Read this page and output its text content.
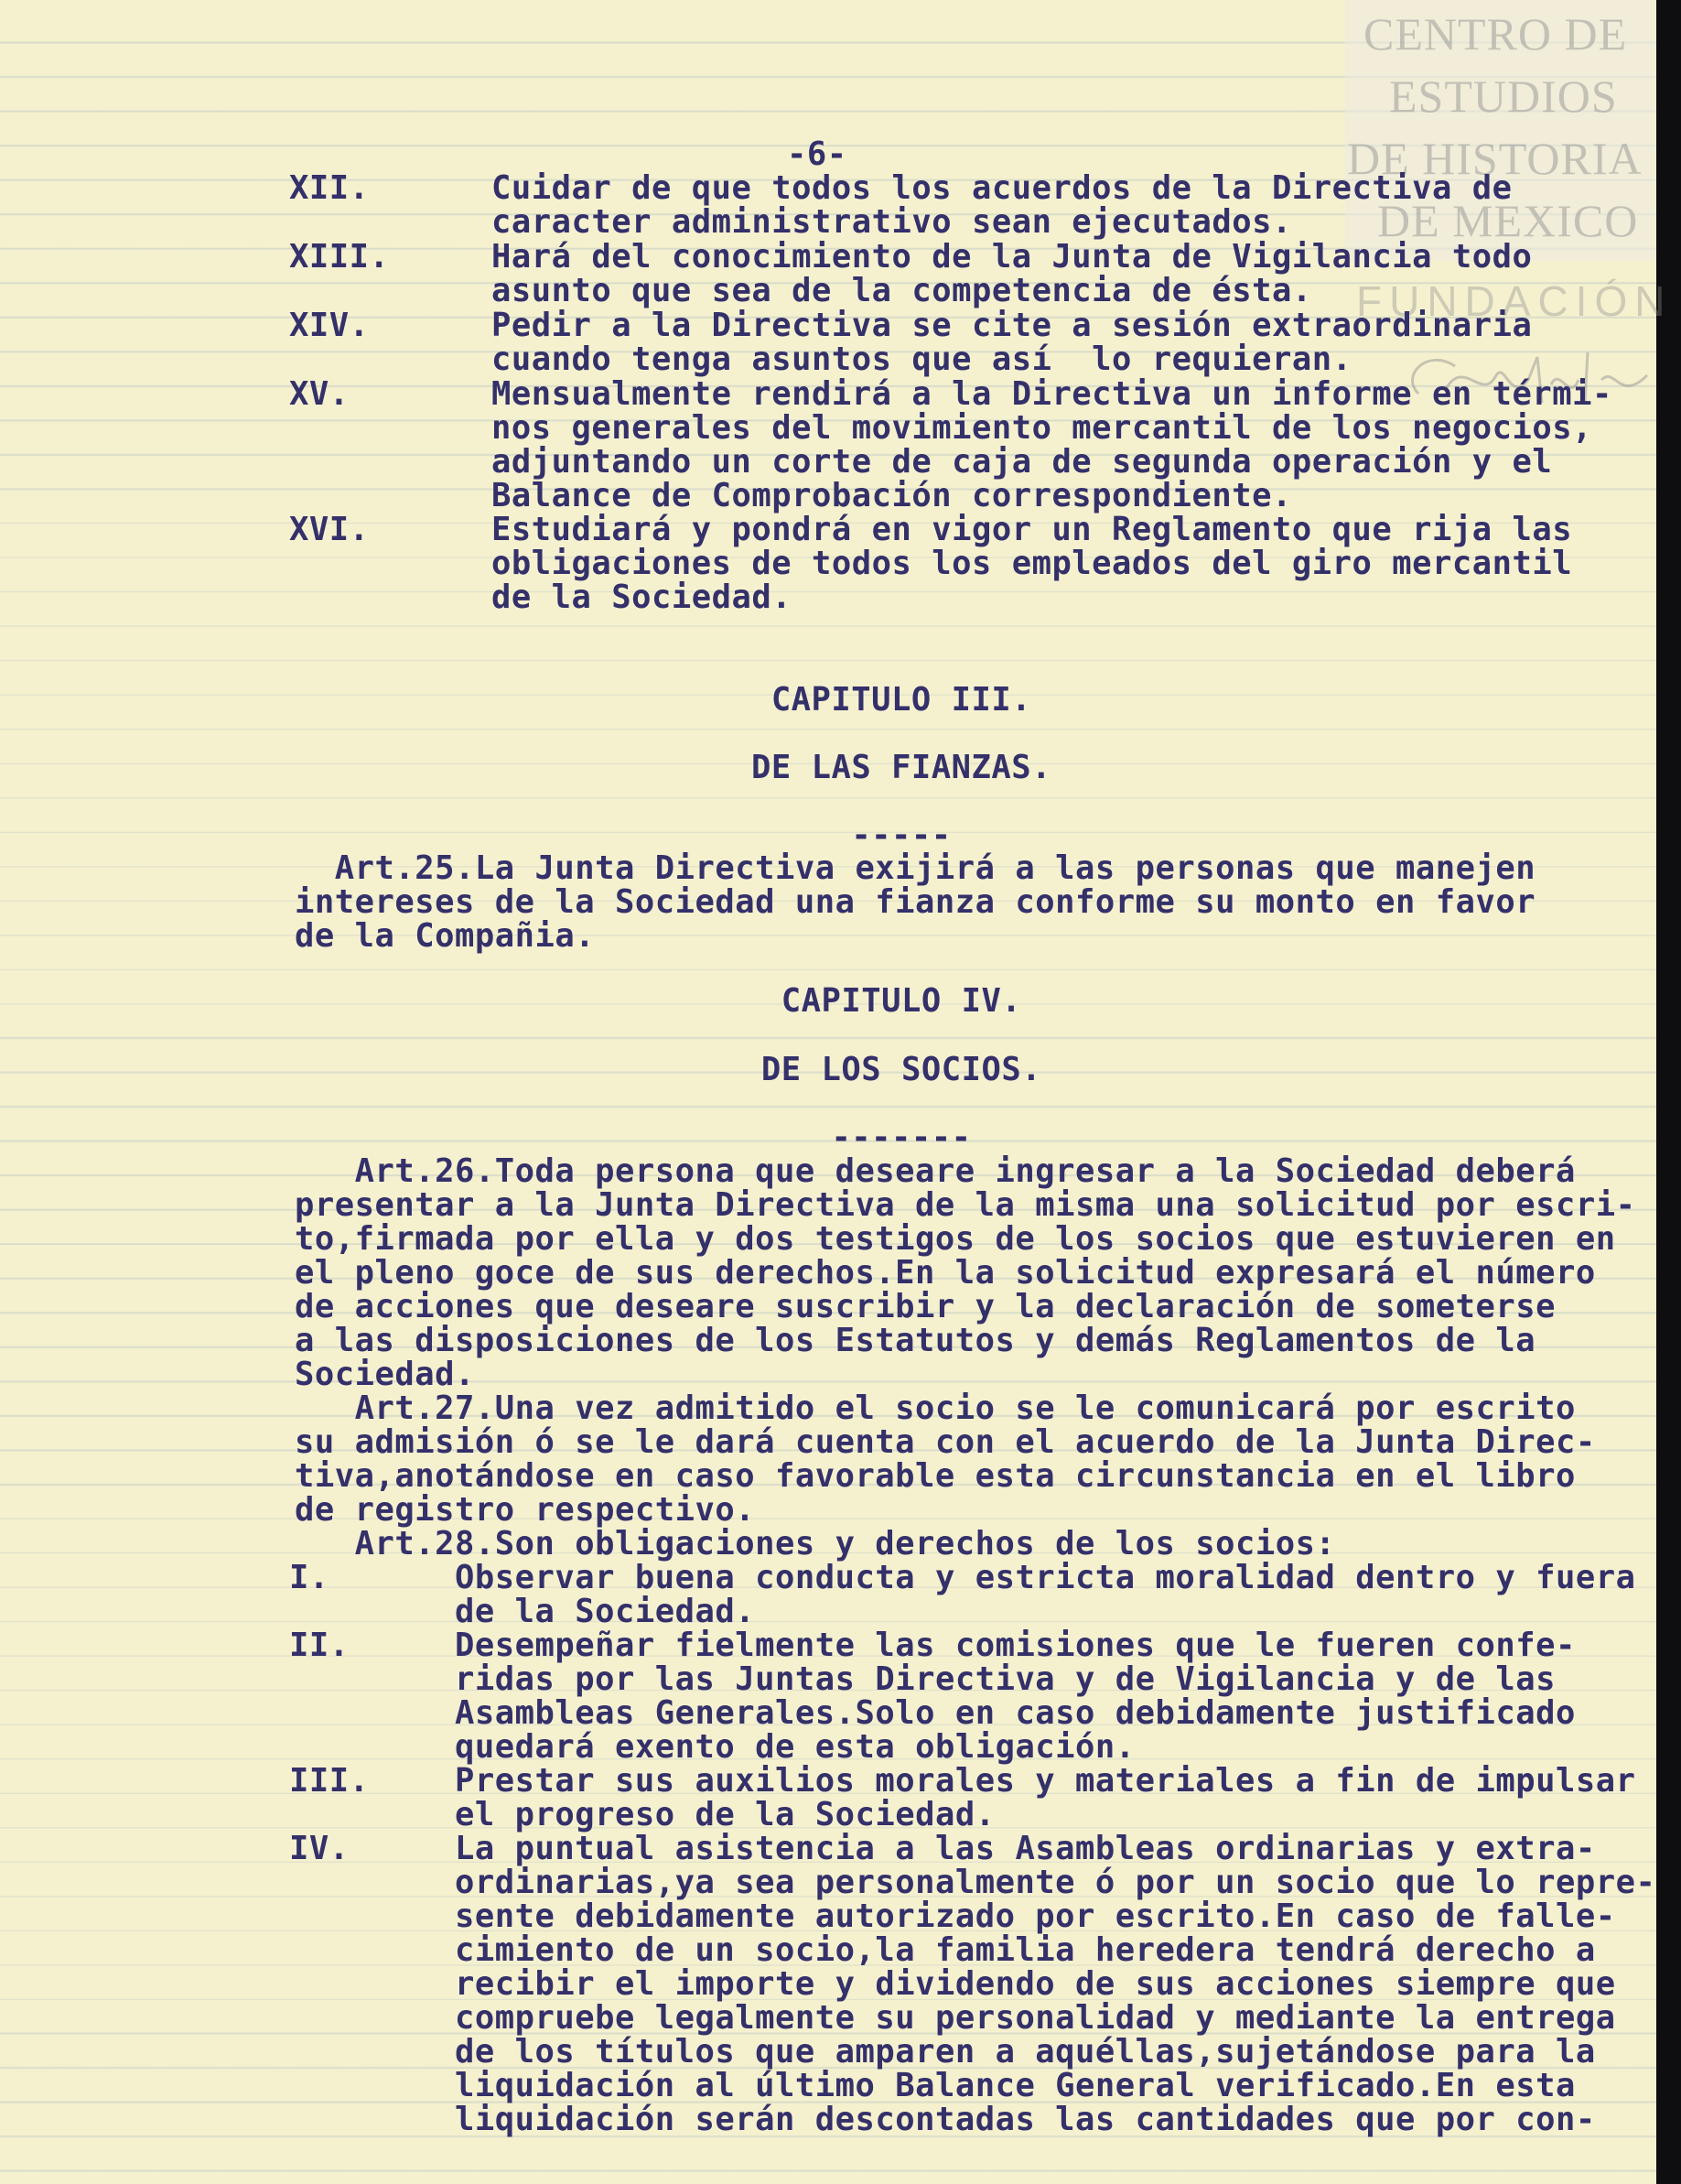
CENTRO DE
ESTUDIOS
DE HISTORIA
DE MEXICO
FUNDACIÓN
-6-
XII.	Cuidar de que todos los acuerdos de la Directiva de
caracter administrativo sean ejecutados.
XIII.	Hará del conocimiento de la Junta de Vigilancia todo
asunto que sea de la competencia de ésta.
XIV.	Pedir a la Directiva se cite a sesión extraordinaria
cuando tenga asuntos que así  lo requieran.
XV.	Mensualmente rendirá a la Directiva un informe en térmi-
nos generales del movimiento mercantil de los negocios,
adjuntando un corte de caja de segunda operación y el
Balance de Comprobación correspondiente.
XVI.	Estudiará y pondrá en vigor un Reglamento que rija las
obligaciones de todos los empleados del giro mercantil
de la Sociedad.
CAPITULO III.
DE LAS FIANZAS.
-----
Art.25.La Junta Directiva exijirá a las personas que manejen
intereses de la Sociedad una fianza conforme su monto en favor
de la Compañia.
CAPITULO IV.
DE LOS SOCIOS.
-------
Art.26.Toda persona que deseare ingresar a la Sociedad deberá
presentar a la Junta Directiva de la misma una solicitud por escri-
to,firmada por ella y dos testigos de los socios que estuvieren en
el pleno goce de sus derechos.En la solicitud expresará el número
de acciones que deseare suscribir y la declaración de someterse
a las disposiciones de los Estatutos y demás Reglamentos de la
Sociedad.
Art.27.Una vez admitido el socio se le comunicará por escrito
su admisión ó se le dará cuenta con el acuerdo de la Junta Direc-
tiva,anotándose en caso favorable esta circunstancia en el libro
de registro respectivo.
Art.28.Son obligaciones y derechos de los socios:
I.	Observar buena conducta y estricta moralidad dentro y fuera
de la Sociedad.
II.	Desempeñar fielmente las comisiones que le fueren confe-
ridas por las Juntas Directiva y de Vigilancia y de las
Asambleas Generales.Solo en caso debidamente justificado
quedará exento de esta obligación.
III.	Prestar sus auxilios morales y materiales a fin de impulsar
el progreso de la Sociedad.
IV.	La puntual asistencia a las Asambleas ordinarias y extra-
ordinarias,ya sea personalmente ó por un socio que lo repre-
sente debidamente autorizado por escrito.En caso de falle-
cimiento de un socio,la familia heredera tendrá derecho a
recibir el importe y dividendo de sus acciones siempre que
compruebe legalmente su personalidad y mediante la entrega
de los títulos que amparen a aquéllas,sujetándose para la
liquidación al último Balance General verificado.En esta
liquidación serán descontadas las cantidades que por con-
